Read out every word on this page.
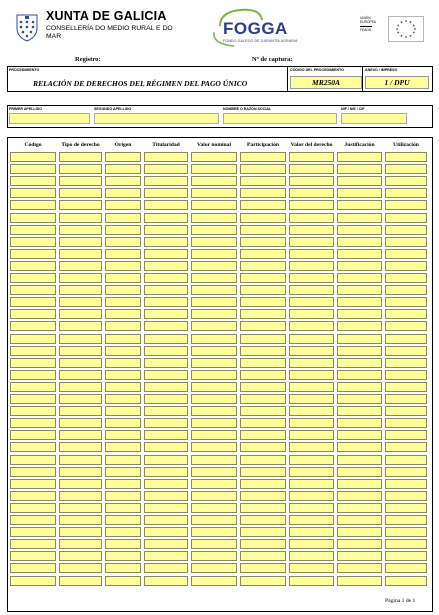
XUNTA DE GALICIA
CONSELLERÍA DO MEDIO RURAL E DO MAR	FOGGA
FONDO GALEGO DE GARANTÍA AGRARIA
UNIÓN
EUROPEA
FEAGA
Registro:	Nº de captura:
PROCEDIMIENTO
RELACIÓN DE DERECHOS DEL RÉGIMEN DEL PAGO ÚNICO
CÓDIGO DEL PROCEDIMIENTO
MR250A
ANEXO / IMPRESO
1 / DPU
PRIMER APELLIDO	SEGUNDO APELLIDO	NOMBRE O RAZÓN SOCIAL	NIF / NIE / CIF
Código	Tipo de derecho	Origen	Titularidad	Valor nominal	Participación	Valor del derecho	Justificación	Utilización
Página 1 de 1
